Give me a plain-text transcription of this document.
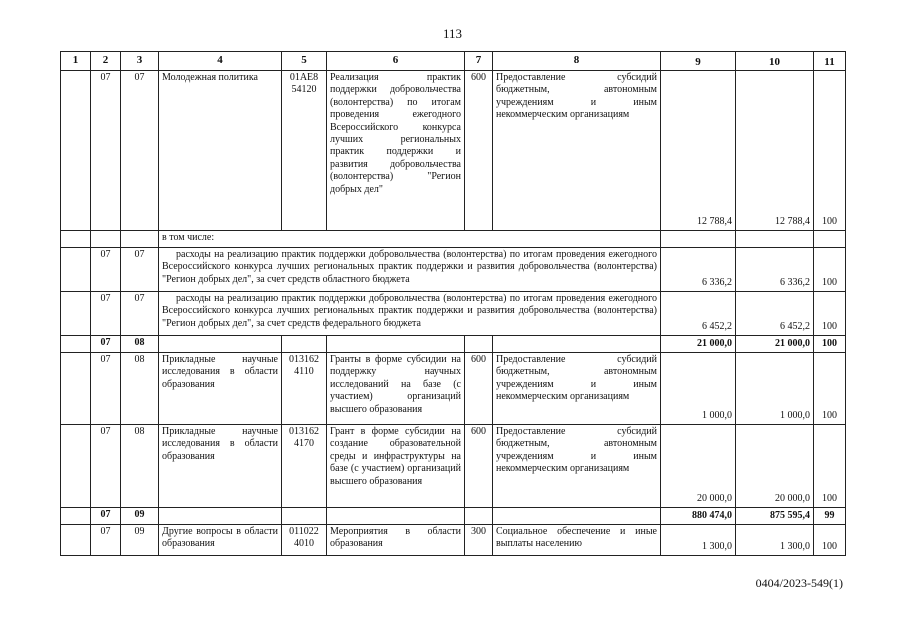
113
1	2	3	4	5	6	7	8	9	10	11
	07	07	Молодежная политика	01АЕ8 54120	Реализация практик поддержки добровольчества (волонтерства) по итогам проведения ежегодного Всероссийского конкурса лучших региональных практик поддержки и развития добровольчества (волонтерства) "Регион добрых дел"	600	Предоставление субсидий бюджетным, автономным учреждениям и иным некоммерческим организациям	12 788,4	12 788,4	100
			в том числе:							
	07	07	расходы на реализацию практик поддержки добровольчества (волонтерства) по итогам проведения ежегодного Всероссийского конкурса лучших региональных практик поддержки и развития добровольчества (волонтерства) "Регион добрых дел", за счет средств областного бюджета					6 336,2	6 336,2	100
	07	07	расходы на реализацию практик поддержки добровольчества (волонтерства) по итогам проведения ежегодного Всероссийского конкурса лучших региональных практик поддержки и развития добровольчества (волонтерства) "Регион добрых дел", за счет средств федерального бюджета					6 452,2	6 452,2	100
	07	08						21 000,0	21 000,0	100
	07	08	Прикладные научные исследования в области образования	013162 4110	Гранты в форме субсидии на поддержку научных исследований на базе (с участием) организаций высшего образования	600	Предоставление субсидий бюджетным, автономным учреждениям и иным некоммерческим организациям	1 000,0	1 000,0	100
	07	08	Прикладные научные исследования в области образования	013162 4170	Грант в форме субсидии на создание образовательной среды и инфраструктуры на базе (с участием) организаций высшего образования	600	Предоставление субсидий бюджетным, автономным учреждениям и иным некоммерческим организациям	20 000,0	20 000,0	100
	07	09						880 474,0	875 595,4	99
	07	09	Другие вопросы в области образования	011022 4010	Мероприятия в области образования	300	Социальное обеспечение и иные выплаты населению	1 300,0	1 300,0	100
0404/2023-549(1)
